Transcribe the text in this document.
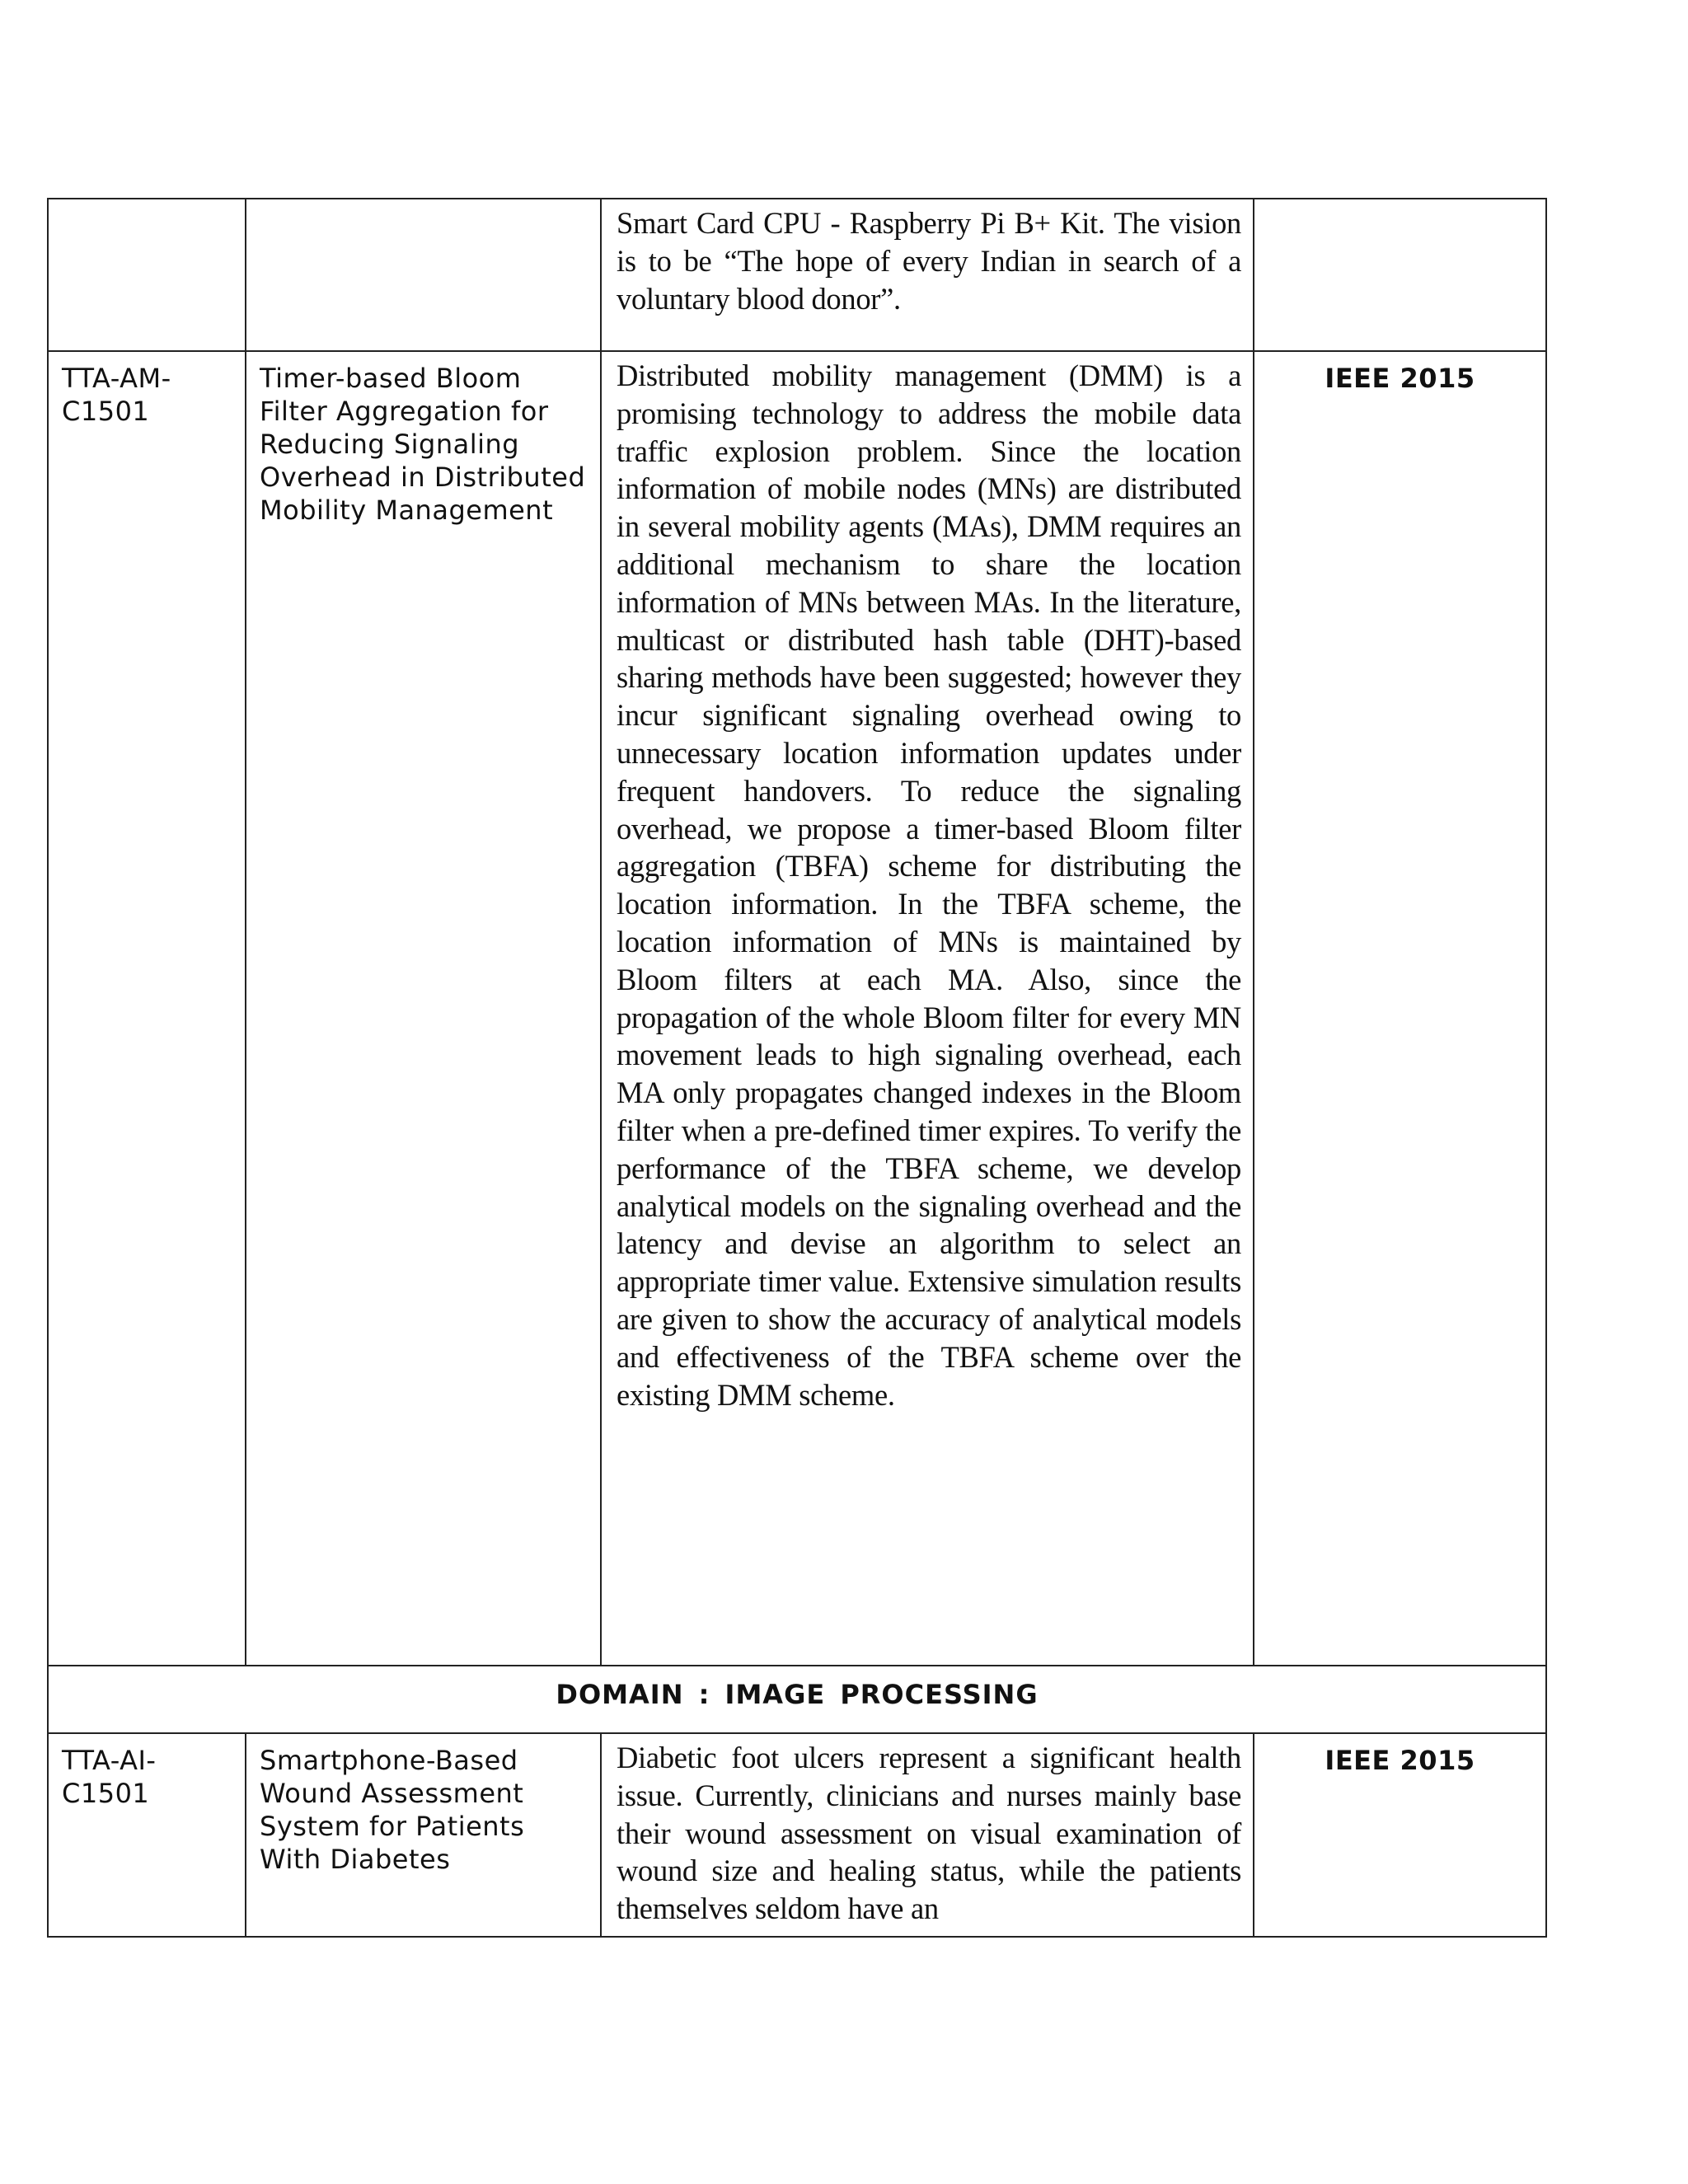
		Smart Card CPU - Raspberry Pi B+ Kit. The vision is to be “The hope of every Indian in search of a voluntary blood donor”.	

TTA-AM-C1501	Timer-based Bloom Filter Aggregation for Reducing Signaling Overhead in Distributed Mobility Management	Distributed mobility management (DMM) is a promising technology to address the mobile data traffic explosion problem. Since the location information of mobile nodes (MNs) are distributed in several mobility agents (MAs), DMM requires an additional mechanism to share the location information of MNs between MAs. In the literature, multicast or distributed hash table (DHT)-based sharing methods have been suggested; however they incur significant signaling overhead owing to unnecessary location information updates under frequent handovers. To reduce the signaling overhead, we propose a timer-based Bloom filter aggregation (TBFA) scheme for distributing the location information. In the TBFA scheme, the location information of MNs is maintained by Bloom filters at each MA. Also, since the propagation of the whole Bloom filter for every MN movement leads to high signaling overhead, each MA only propagates changed indexes in the Bloom filter when a pre-defined timer expires. To verify the performance of the TBFA scheme, we develop analytical models on the signaling overhead and the latency and devise an algorithm to select an appropriate timer value. Extensive simulation results are given to show the accuracy of analytical models and effectiveness of the TBFA scheme over the existing DMM scheme.	IEEE 2015

DOMAIN : IMAGE PROCESSING			

TTA-AI-C1501	Smartphone-Based Wound Assessment System for Patients With Diabetes	Diabetic foot ulcers represent a significant health issue. Currently, clinicians and nurses mainly base their wound assessment on visual examination of wound size and healing status, while the patients themselves seldom have an	IEEE 2015
